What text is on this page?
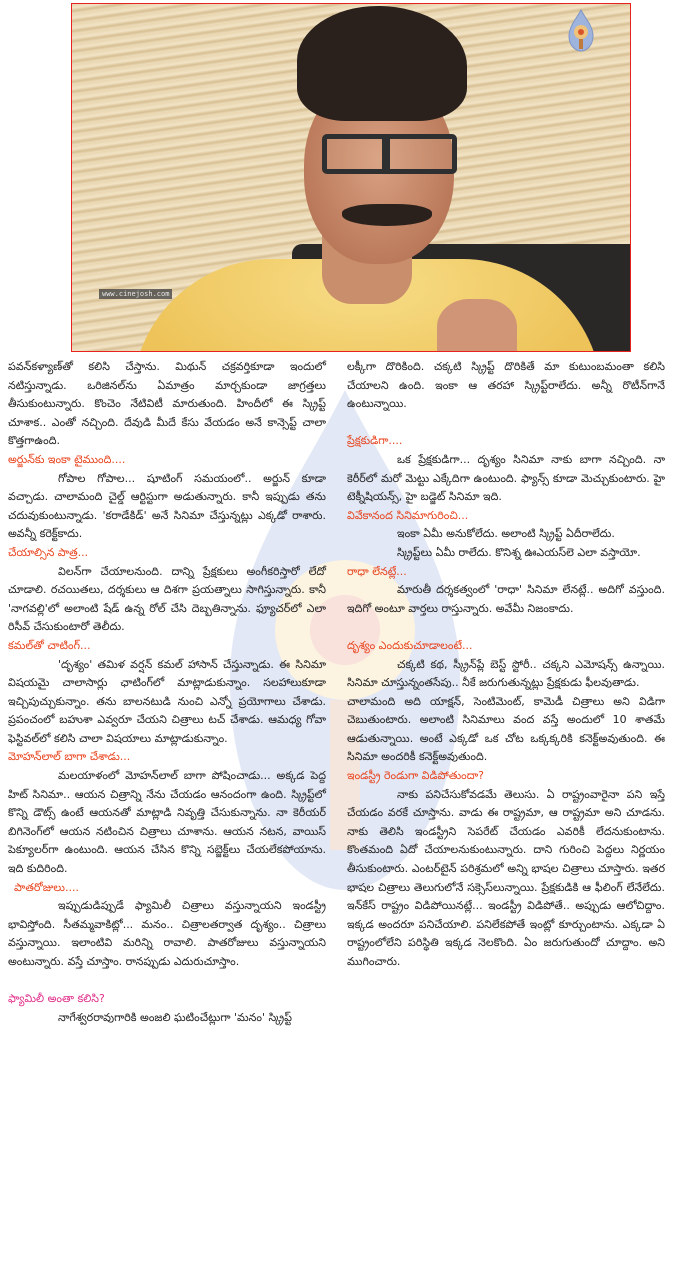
www.cinejosh.com

పవన్‌కళ్యాణ్‌తో కలిసి చేస్తాను. మిథున్ చక్రవర్తికూడా ఇందులో నటిస్తున్నాడు. ఒరిజినల్‌ను ఏమాత్రం మార్చకుండా జాగ్రత్తలు తీసుకుంటున్నారు. కొంచెం నేటివిటీ మారుతుంది. హిందీలో ఈ స్క్రిప్ట్ చూశాక.. ఎంతో నచ్చింది. దేవుడి మీదే కేసు వేయడం అనే కాన్సెప్ట్ చాలా కొత్తగాఉంది.

అర్జున్‌కు ఇంకా టైముంది....

గోపాల గోపాల... షూటింగ్ సమయంలో.. అర్జున్ కూడా వచ్చాడు. చాలామంది చైల్డ్ ఆర్టిస్టుగా అడుతున్నారు. కానీ ఇప్పుడు తను చదువుకుంటున్నాడు. 'కరాడేకిడ్' అనే సినిమా చేస్తున్నట్లు ఎక్కడో రాశారు. అవన్నీ కరెక్ట్‌కాదు.

చేయాల్సిన పాత్ర...

విలన్‌గా చేయాలనుంది. దాన్ని ప్రేక్షకులు అంగీకరిస్తారో లేదో చూడాలి. రచయితలు, దర్శకులు ఆ దిశగా ప్రయత్నాలు సాగిస్తున్నారు. కానీ 'నాగవల్లి'లో అలాంటి షేడ్ ఉన్న రోల్ చేసి దెబ్బతిన్నాను. ఫ్యూచర్‌లో ఎలా రిసీవ్ చేసుకుంటారో తెలీదు.

కమల్‌తో చాటింగ్...

'దృశ్యం' తమిళ వర్షన్ కమల్ హాసాన్ చేస్తున్నాడు. ఈ సినిమా విషయమై చాలాసార్లు ఛాటింగ్‌లో మాట్లాడుకున్నాం. సలహాలుకూడా ఇచ్చిపుచ్చుకున్నాం. తను బాలనటుడి నుంచి ఎన్నో ప్రయోగాలు చేశాడు. ప్రపంచంలో బహుశా ఎవ్వరూ చేయని చిత్రాలు టచ్ చేశాడు. ఆమధ్య గోవా ఫెస్టివల్‌లో కలిసి చాలా విషయాలు మాట్లాడుకున్నాం.

మోహన్‌లాల్ బాగా చేశాడు...

మలయాళంలో మోహన్‌లాల్ బాగా పోషించాడు... అక్కడ పెద్ద హిట్ సినిమా.. ఆయన చిత్రాన్ని నేను చేయడం ఆనందంగా ఉంది. స్క్రిప్ట్‌లో కొన్ని డౌట్స్ ఉంటే ఆయనతో మాట్లాడి నివృత్తి చేసుకున్నాను. నా కెరీయర్ బిగినెంగ్‌లో ఆయన నటించిన చిత్రాలు చూశాను. ఆయన నటన, వాయిస్ పెక్యూలర్‌గా ఉంటుంది. ఆయన చేసిన కొన్ని సబ్జెక్ట్‌లు చేయలేకపోయాను. ఇది కుదిరింది.

పాతరోజులు....

ఇప్పుడుడిప్పుడే ఫ్యామిలీ చిత్రాలు వస్తున్నాయని ఇండస్ట్రీ భావిస్తోంది. సీతమ్మవాకిట్లో... మనం.. చిత్రాలతర్వాత దృశ్యం.. చిత్రాలు వస్తున్నాయి. ఇలాంటివి మరిన్ని రావాలి. పాతరోజులు వస్తున్నాయని అంటున్నారు. వస్తే చూస్తాం. రానప్పుడు ఎదురుచూస్తాం.

ఫ్యామిలీ అంతా కలిసి?

నాగేశ్వరరావుగారికి అంజలి ఘటించేట్లుగా 'మనం' స్క్రిప్ట్

లక్కీగా దొరికింది. చక్కటి స్క్రిప్ట్ దొరికితే మా కుటుంబమంతా కలిసి చేయాలని ఉంది. ఇంకా ఆ తరహా స్క్రిప్ట్‌రాలేదు. అన్నీ రొటీన్‌గానే ఉంటున్నాయి.

ప్రేక్షకుడిగా....

ఒక ప్రేక్షకుడిగా... దృశ్యం సినిమా నాకు బాగా నచ్చింది. నా కెరీర్‌లో మరో మెట్టు ఎక్కేదిగా ఉంటుంది. ఫ్యాన్స్ కూడా మెచ్చుకుంటారు. హై టెక్నీషియన్స్, హై బడ్జెట్ సినిమా ఇది.

వివేకానంద సినిమాగురించి...

ఇంకా ఏమీ అనుకోలేదు. అలాంటి స్క్రిప్ట్ ఏదీరాలేదు.

స్క్రిప్ట్‌లు ఏమీ రాలేదు. కొనిశ్న ఊఎయస్‌లె ఎలా వస్తాయో.

రాధా లేనట్లే...

మారుతీ దర్శకత్వంలో 'రాధా' సినిమా లేనట్లే.. అదిగో వస్తుంది. ఇదిగో అంటూ వార్తలు రాస్తున్నారు. అవేమీ నిజంకాదు.

దృశ్యం ఎందుకుచూడాలంటే...

చక్కటి కథ, స్క్రీన్‌ప్లే బెస్ట్ స్టోరీ.. చక్కని ఎమోషన్స్ ఉన్నాయి. సినిమా చూస్తున్నంతసేపు.. నీకే జరుగుతున్నట్లు ప్రేక్షకుడు ఫీలవుతాడు.

చాలామంది అది యాక్షన్, సెంటిమెంట్, కామెడీ చిత్రాలు అని విడిగా చెబుతుంటారు. అలాంటి సినిమాలు వంద వస్తే అందులో 10 శాతమే ఆడుతున్నాయి. అంటే ఎక్కడో ఒక చోట ఒక్కక్కరికి కనెక్ట్‌అవుతుంది. ఈ సినిమా అందరికీ కనెక్ట్‌అవుతుంది.

ఇండస్ట్రీ రెండుగా విడిపోతుందా?

నాకు పనిచేసుకోవడమే తెలుసు. ఏ రాష్ట్రంవారైనా పని ఇస్తే చేయడం వరకే చూస్తాను. వాడు ఈ రాష్ట్రమా, ఆ రాష్ట్రమా అని చూడను. నాకు తెలిసి ఇండస్ట్రీని సెపరేట్ చేయడం ఎవరికీ లేదనుకుంటాను. కొంతమంది ఏదో చేయాలనుకుంటున్నారు. దాని గురించి పెద్దలు నిర్ణయం తీసుకుంటారు. ఎంటర్‌టైన్ పరిశ్రమలో అన్ని భాషల చిత్రాలు చూస్తారు. ఇతర భాషల చిత్రాలు తెలుగులోనే సక్సెస్‌లున్నాయి. ప్రేక్షకుడికి ఆ ఫీలింగ్ లేనేలేదు. ఇన్‌కేస్ రాష్ట్రం విడిపోయినట్లే... ఇండస్ట్రీ విడిపోతే.. అప్పుడు ఆలోచిద్దాం. ఇక్కడ అందరూ పనిచేయాలి. పనిలేకపోతే ఇంట్లో కూర్చుంటాను. ఎక్కడా ఏ రాష్ట్రంలోలేని పరిస్థితి ఇక్కడ నెలకొంది. ఏం జరుగుతుందో చూద్దాం. అని ముగించారు.
